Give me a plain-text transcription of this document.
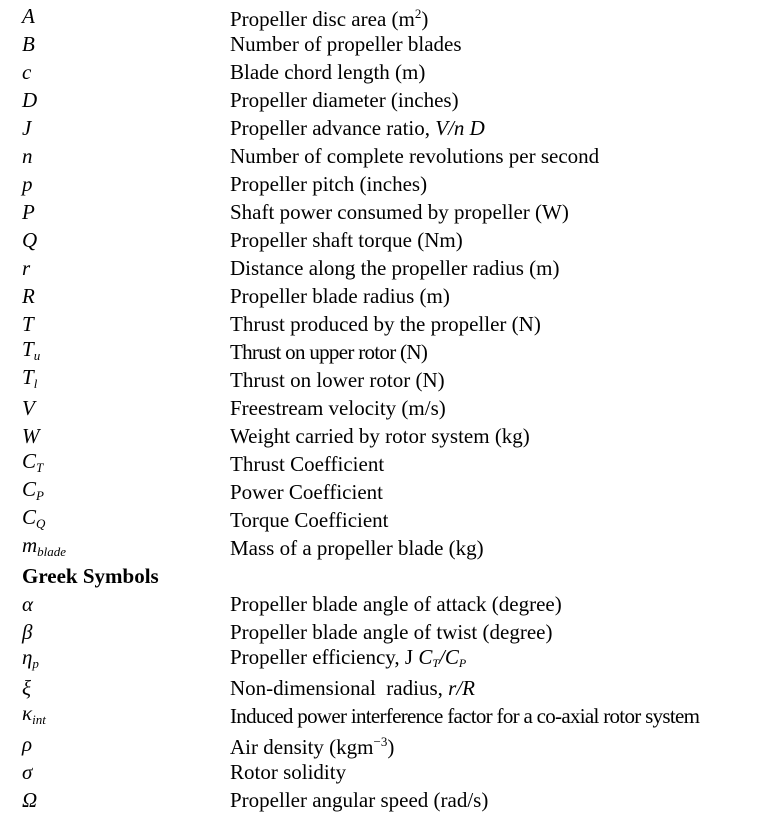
A	Propeller disc area $(m^2)$
B	Number of propeller blades
c	Blade chord length (m)
D	Propeller diameter (inches)
J	Propeller advance ratio, V/n D
n	Number of complete revolutions per second
p	Propeller pitch (inches)
P	Shaft power consumed by propeller (W)
Q	Propeller shaft torque (Nm)
r	Distance along the propeller radius (m)
R	Propeller blade radius (m)
T	Thrust produced by the propeller (N)
$T_u$	Thrust on upper rotor (N)
$T_l$	Thrust on lower rotor (N)
V	Freestream velocity (m/s)
W	Weight carried by rotor system (kg)
$C_T$	Thrust Coefficient
$C_P$	Power Coefficient
$C_Q$	Torque Coefficient
$m_{blade}$	Mass of a propeller blade (kg)
Greek Symbols
α	Propeller blade angle of attack (degree)
β	Propeller blade angle of twist (degree)
$\eta_p$	Propeller efficiency, J $C_T/C_P$
ξ	Non-dimensional  radius, r/R
$\kappa_{int}$	Induced power interference factor for a co-axial rotor system
ρ	Air density (kgm$^{-3}$)
σ	Rotor solidity
Ω	Propeller angular speed (rad/s)
